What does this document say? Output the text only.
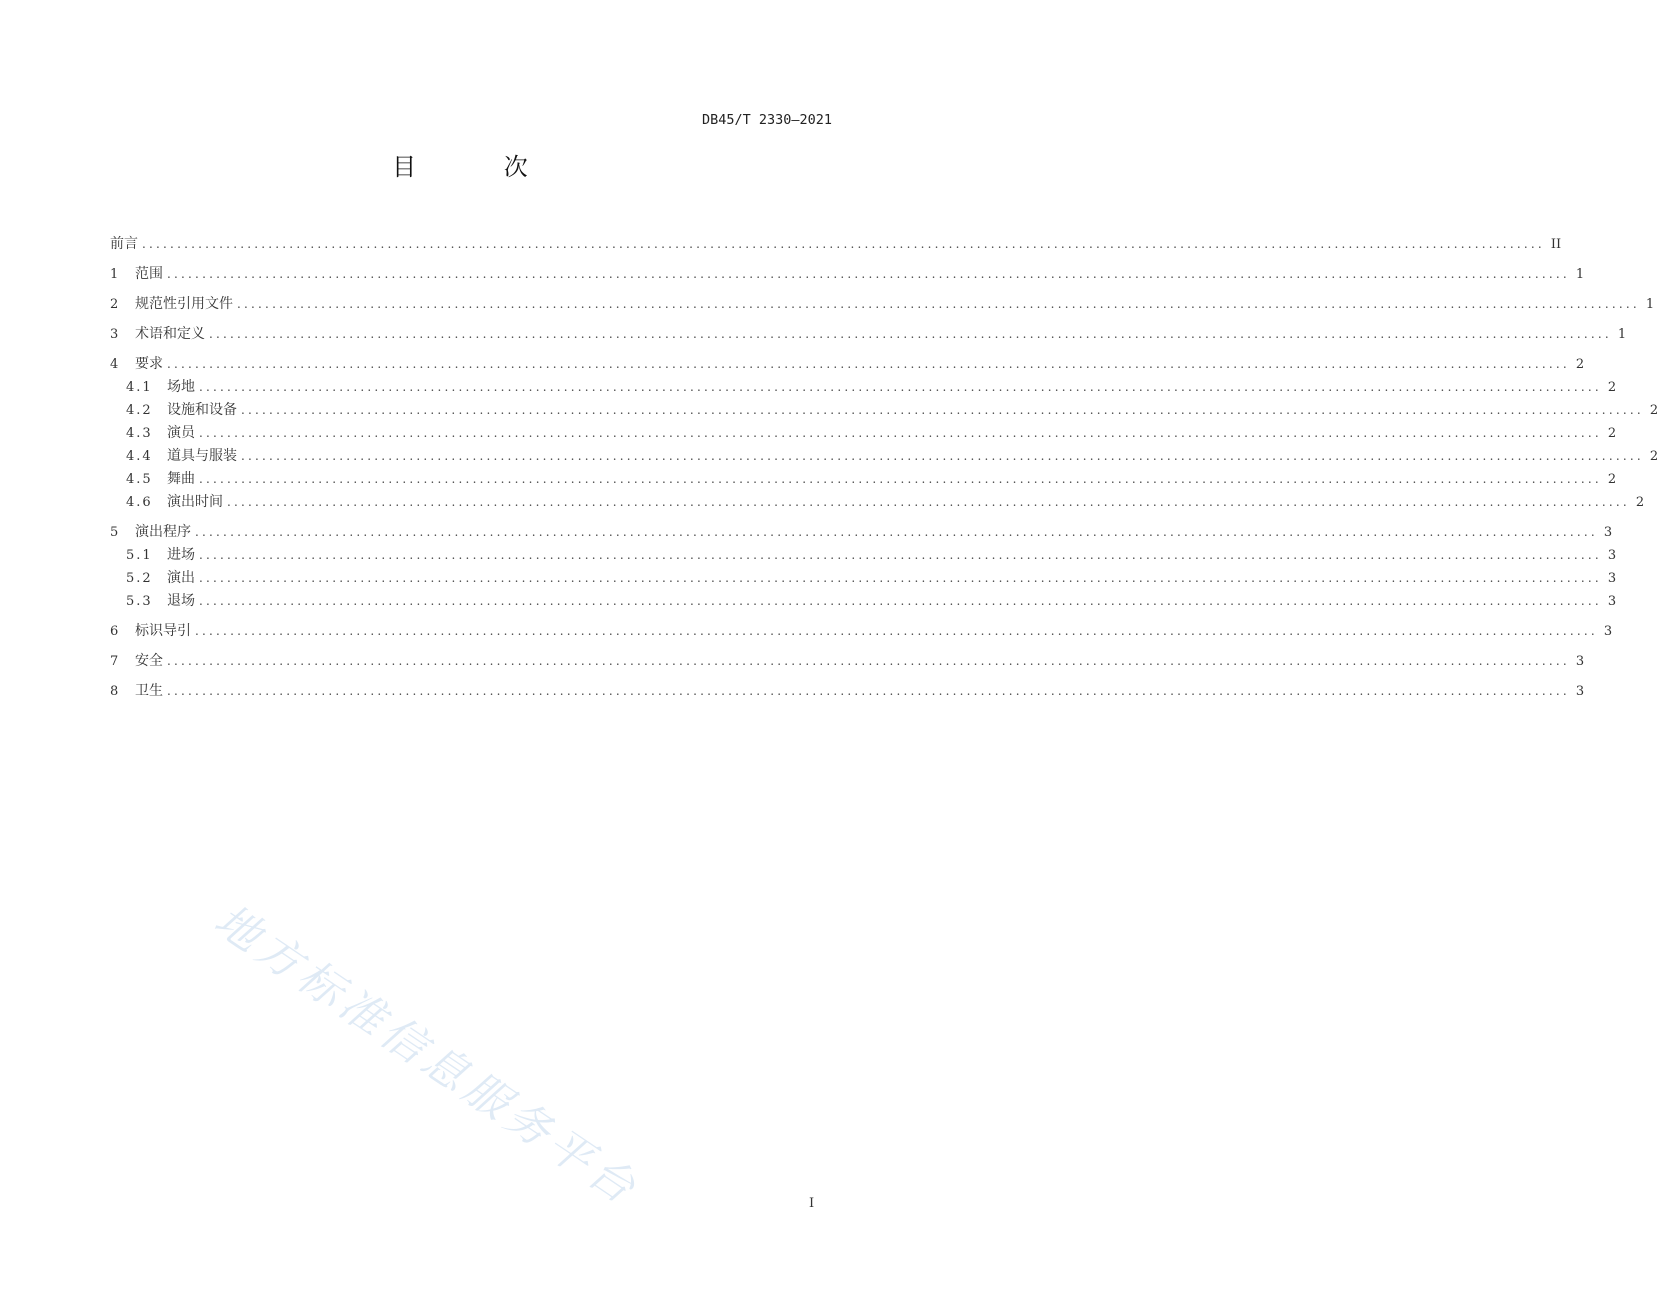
DB45/T 2330—2021
目 次
前言 ........................................................................................................................................................................................................ II
1	范围 ........................................................................................................................................................................................................ 1
2	规范性引用文件 ........................................................................................................................................................................................................ 1
3	术语和定义 ........................................................................................................................................................................................................ 1
4	要求 ........................................................................................................................................................................................................ 2
4.1	场地 ........................................................................................................................................................................................................ 2
4.2	设施和设备 ........................................................................................................................................................................................................ 2
4.3	演员 ........................................................................................................................................................................................................ 2
4.4	道具与服装 ........................................................................................................................................................................................................ 2
4.5	舞曲 ........................................................................................................................................................................................................ 2
4.6	演出时间 ........................................................................................................................................................................................................ 2
5	演出程序 ........................................................................................................................................................................................................ 3
5.1	进场 ........................................................................................................................................................................................................ 3
5.2	演出 ........................................................................................................................................................................................................ 3
5.3	退场 ........................................................................................................................................................................................................ 3
6	标识导引 ........................................................................................................................................................................................................ 3
7	安全 ........................................................................................................................................................................................................ 3
8	卫生 ........................................................................................................................................................................................................ 3
地方标准信息服务平台	I
